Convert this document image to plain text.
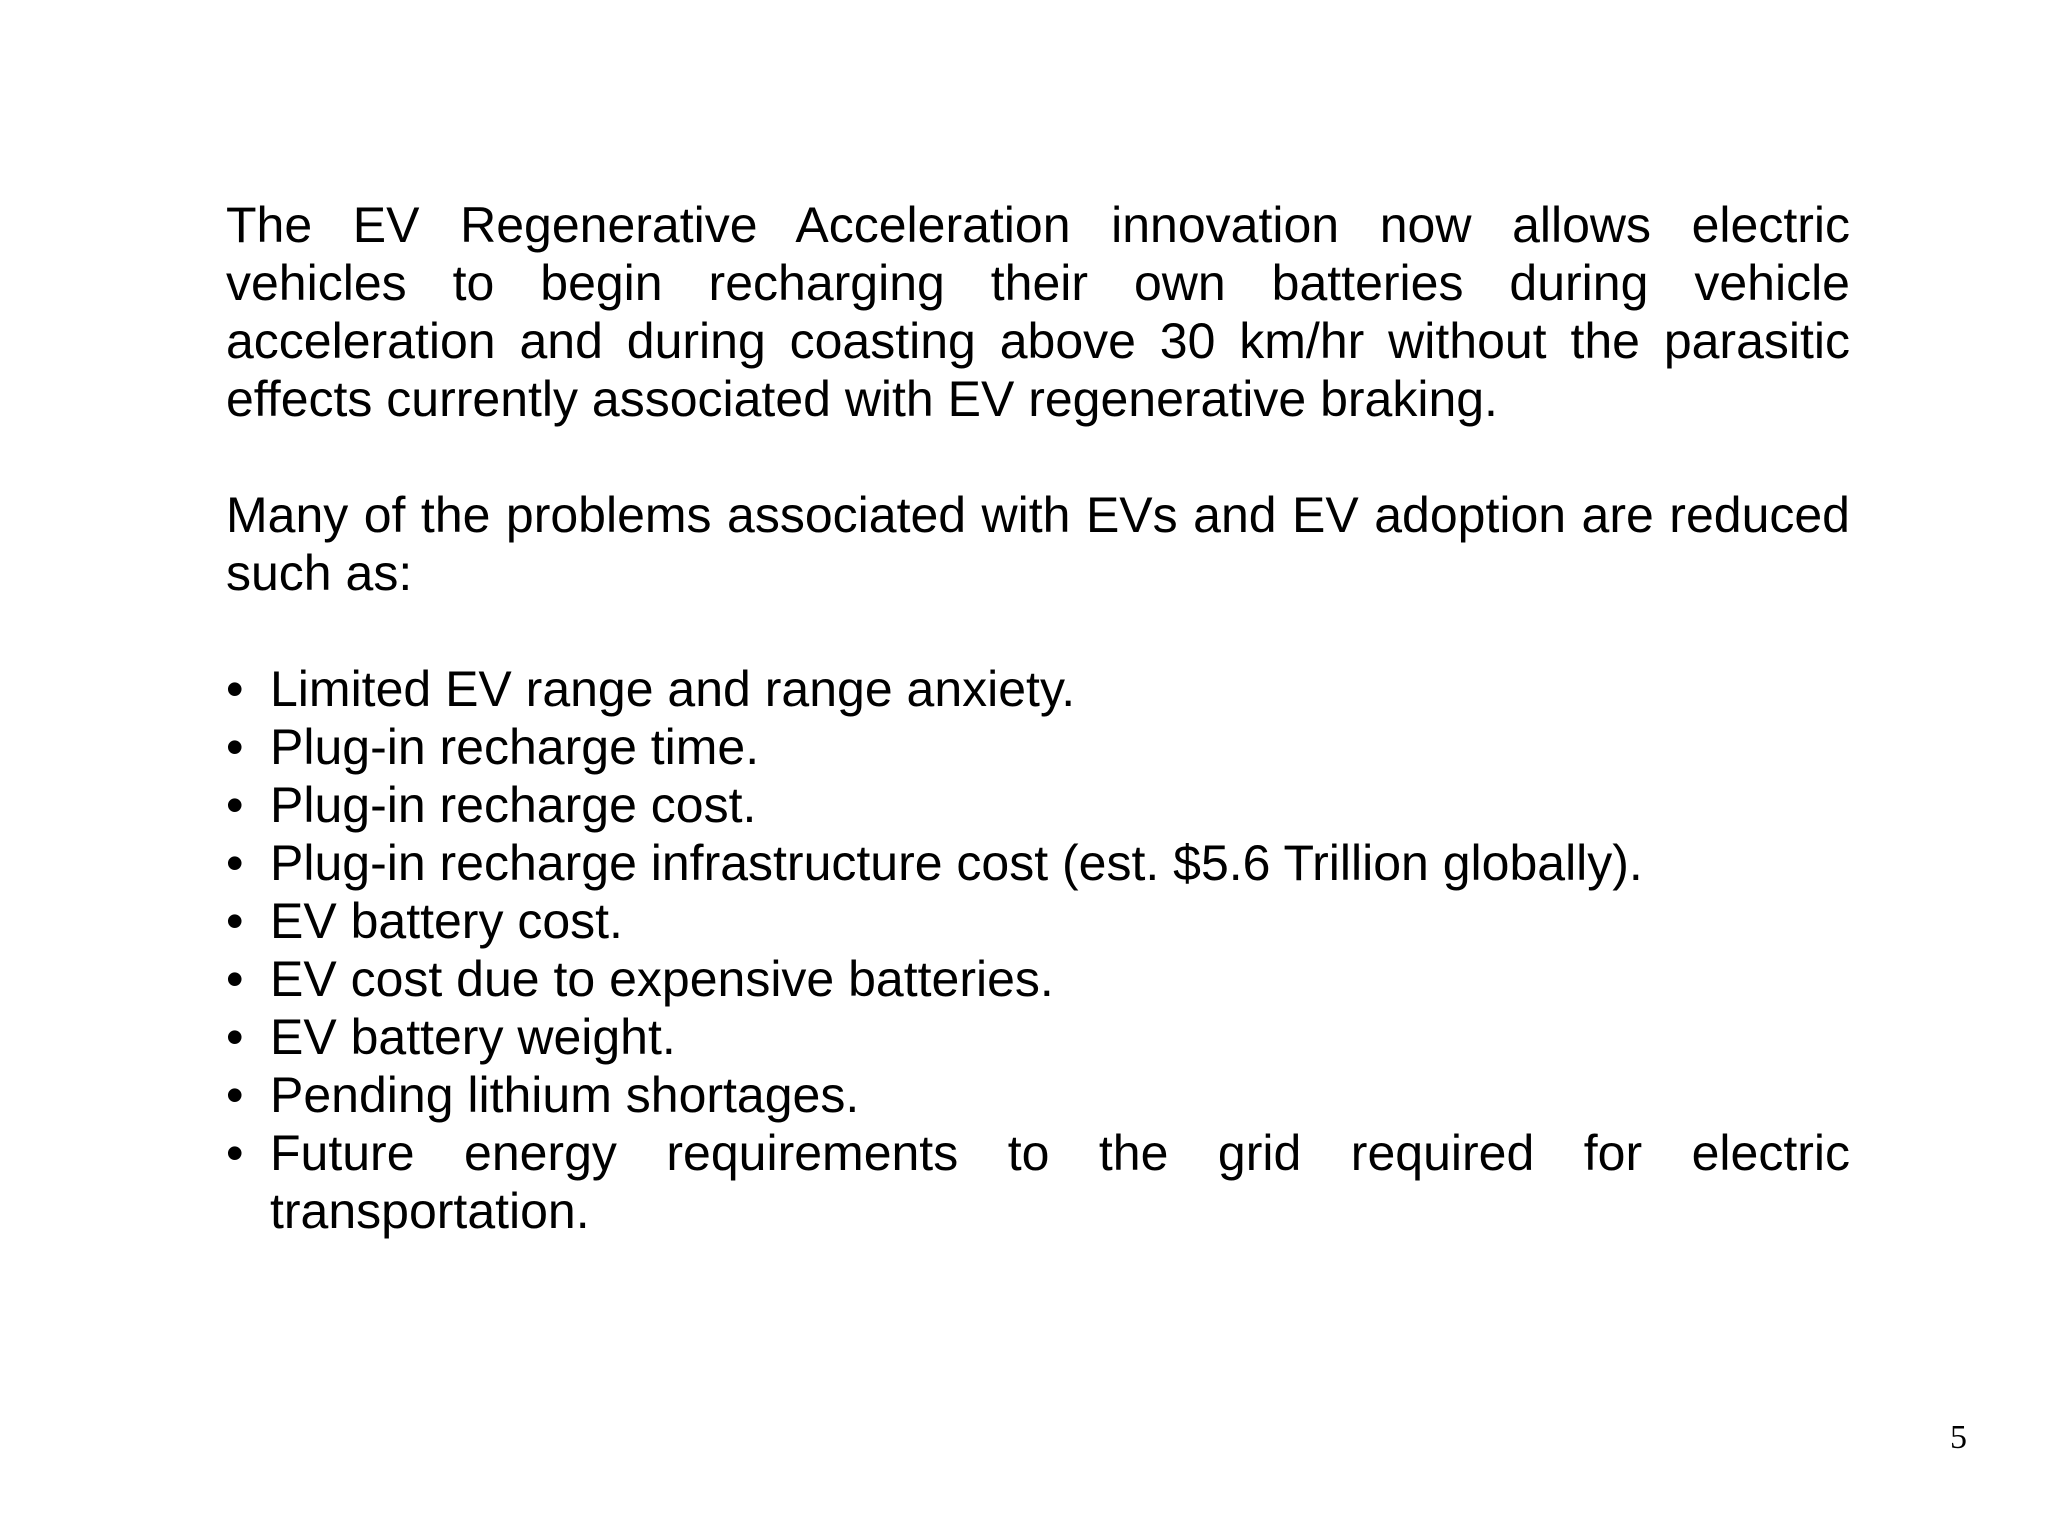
The EV Regenerative Acceleration innovation now allows electric vehicles to begin recharging their own batteries during vehicle acceleration and during coasting above 30 km/hr without the parasitic effects currently associated with EV regenerative braking.

Many of the problems associated with EVs and EV adoption are reduced such as:

• Limited EV range and range anxiety.
• Plug-in recharge time.
• Plug-in recharge cost.
• Plug-in recharge infrastructure cost (est. $5.6 Trillion globally).
• EV battery cost.
• EV cost due to expensive batteries.
• EV battery weight.
• Pending lithium shortages.
• Future energy requirements to the grid required for electric transportation.
5
